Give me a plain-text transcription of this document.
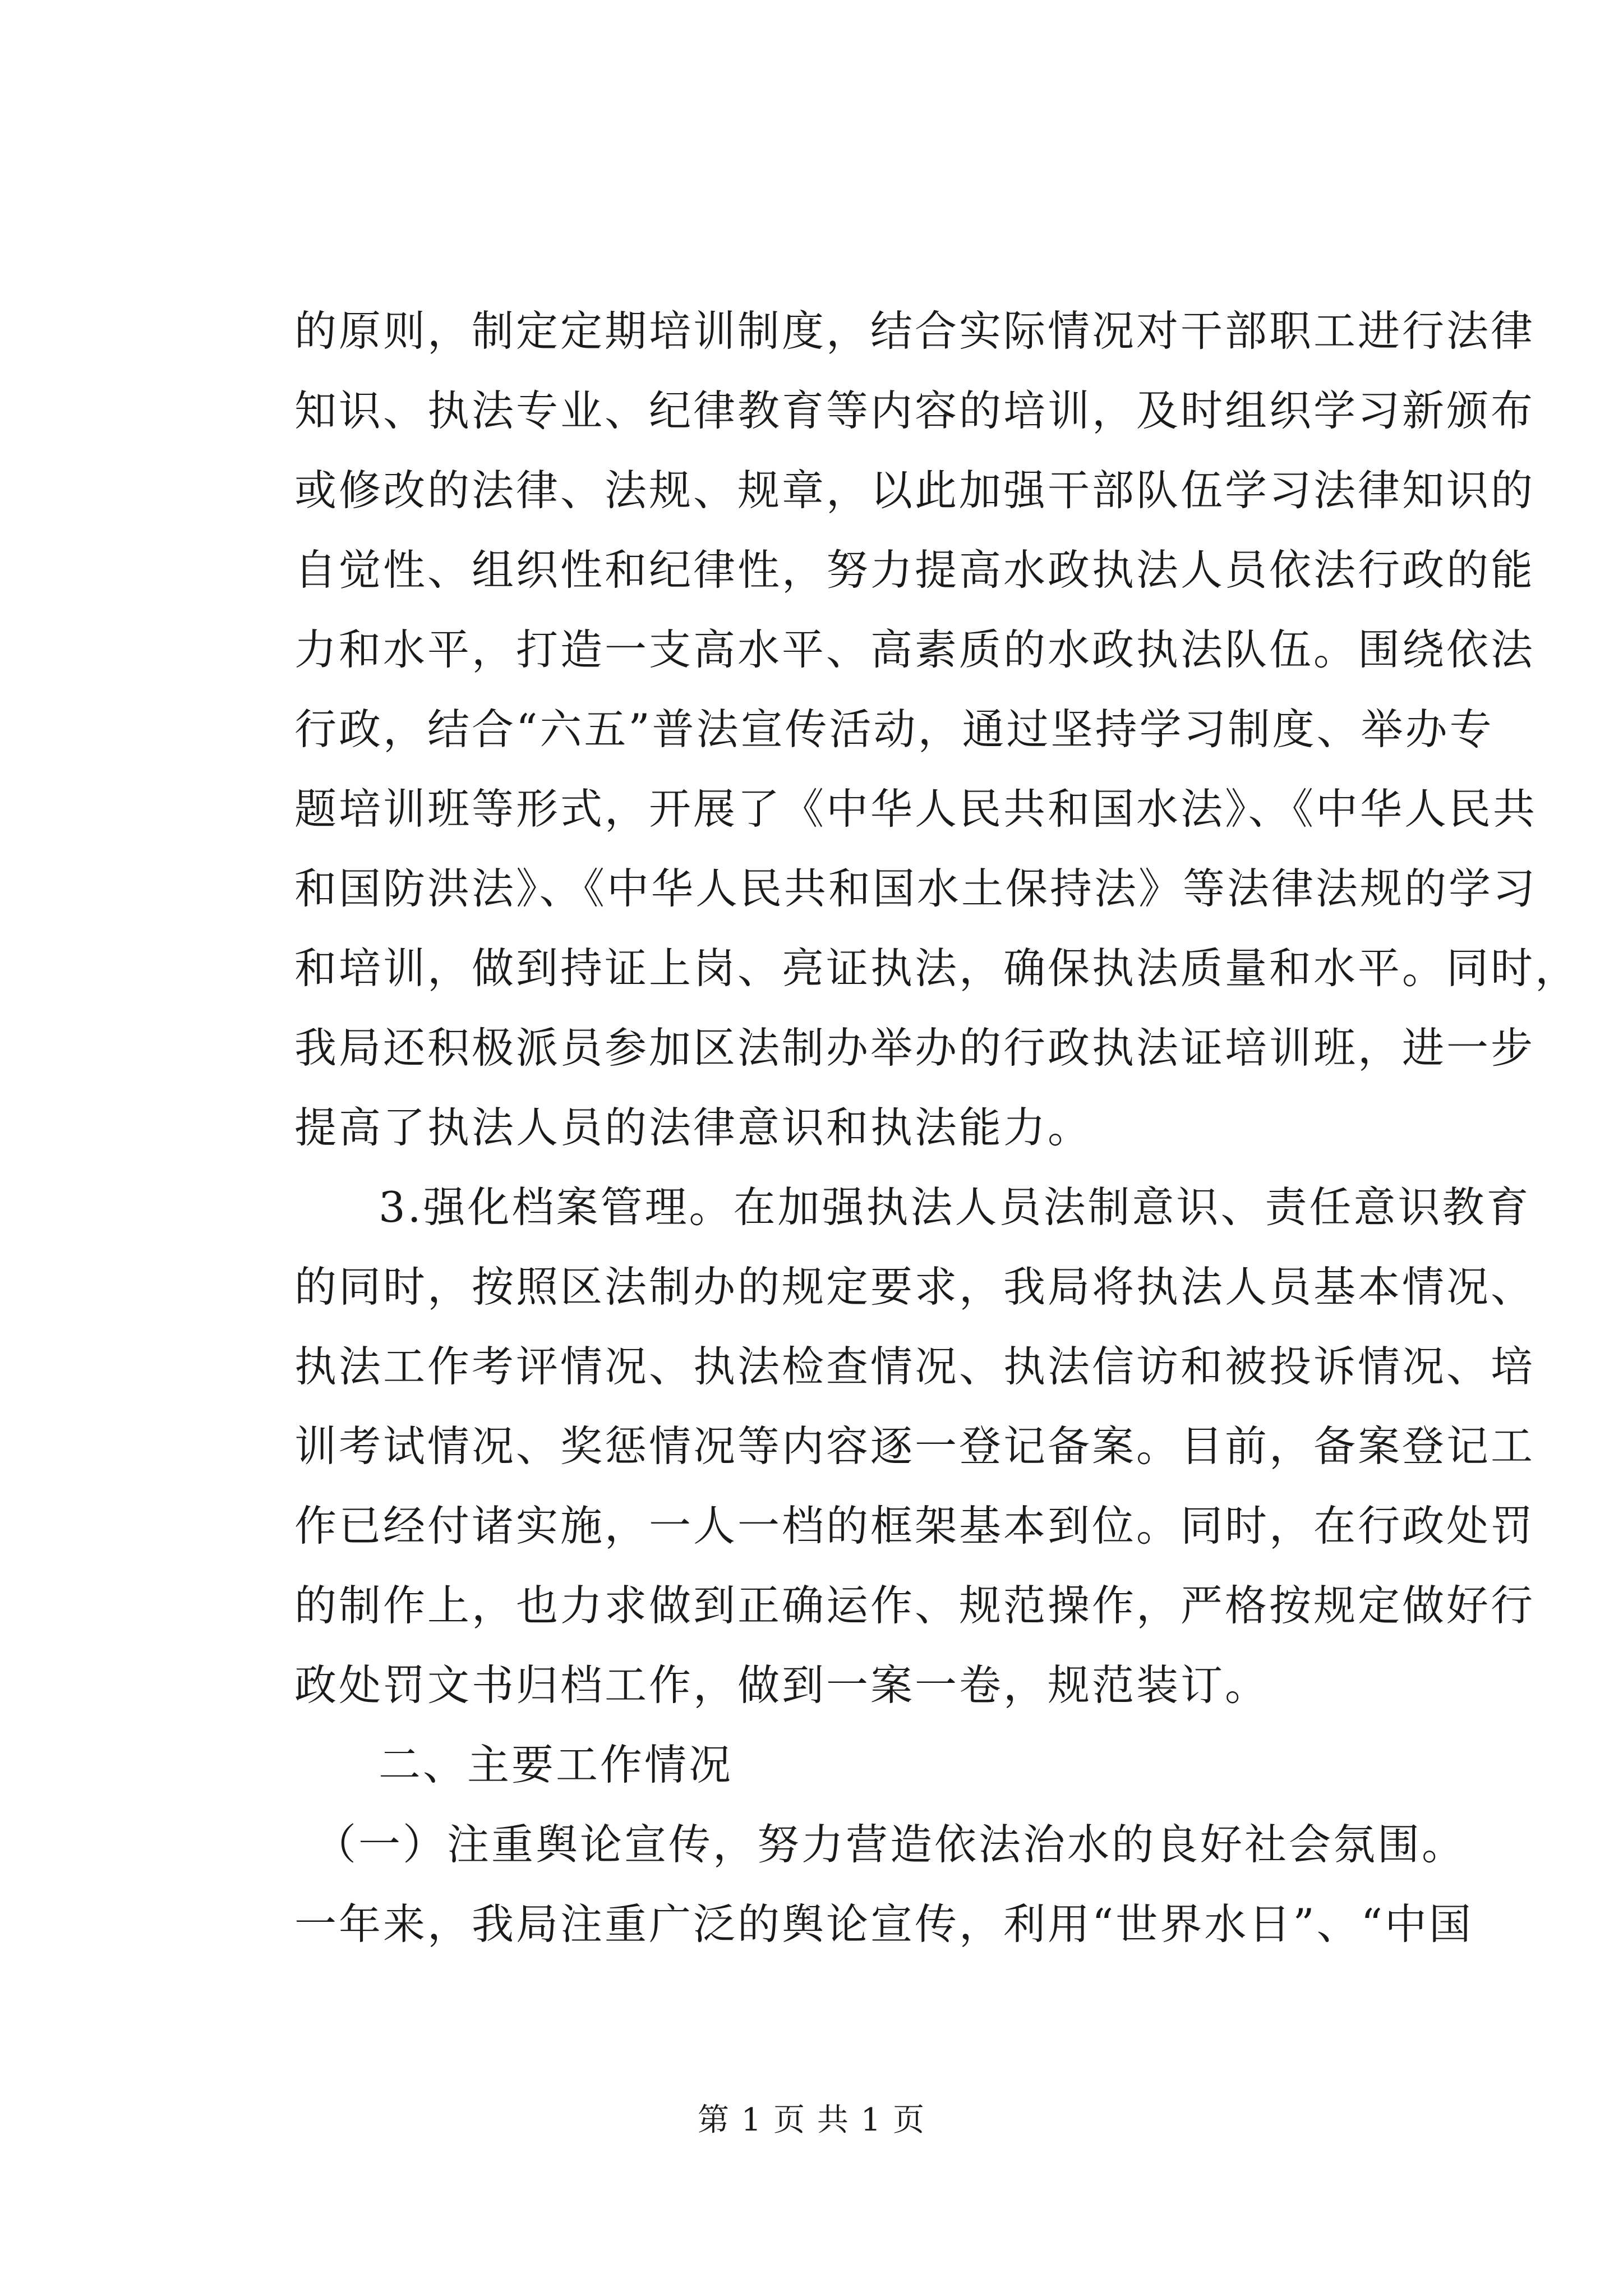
的原则，制定定期培训制度，结合实际情况对干部职工进行法律
知识、执法专业、纪律教育等内容的培训，及时组织学习新颁布
或修改的法律、法规、规章，以此加强干部队伍学习法律知识的
自觉性、组织性和纪律性，努力提高水政执法人员依法行政的能
力和水平，打造一支高水平、高素质的水政执法队伍。围绕依法
行政，结合“六五”普法宣传活动，通过坚持学习制度、举办专
题培训班等形式，开展了《中华人民共和国水法》、《中华人民共
和国防洪法》、《中华人民共和国水土保持法》等法律法规的学习
和培训，做到持证上岗、亮证执法，确保执法质量和水平。同时，
我局还积极派员参加区法制办举办的行政执法证培训班，进一步
提高了执法人员的法律意识和执法能力。
3.强化档案管理。在加强执法人员法制意识、责任意识教育
的同时，按照区法制办的规定要求，我局将执法人员基本情况、
执法工作考评情况、执法检查情况、执法信访和被投诉情况、培
训考试情况、奖惩情况等内容逐一登记备案。目前，备案登记工
作已经付诸实施，一人一档的框架基本到位。同时，在行政处罚
的制作上，也力求做到正确运作、规范操作，严格按规定做好行
政处罚文书归档工作，做到一案一卷，规范装订。
二、主要工作情况
（一）注重舆论宣传，努力营造依法治水的良好社会氛围。
一年来，我局注重广泛的舆论宣传，利用“世界水日”、“中国
第 1 页 共 1 页
